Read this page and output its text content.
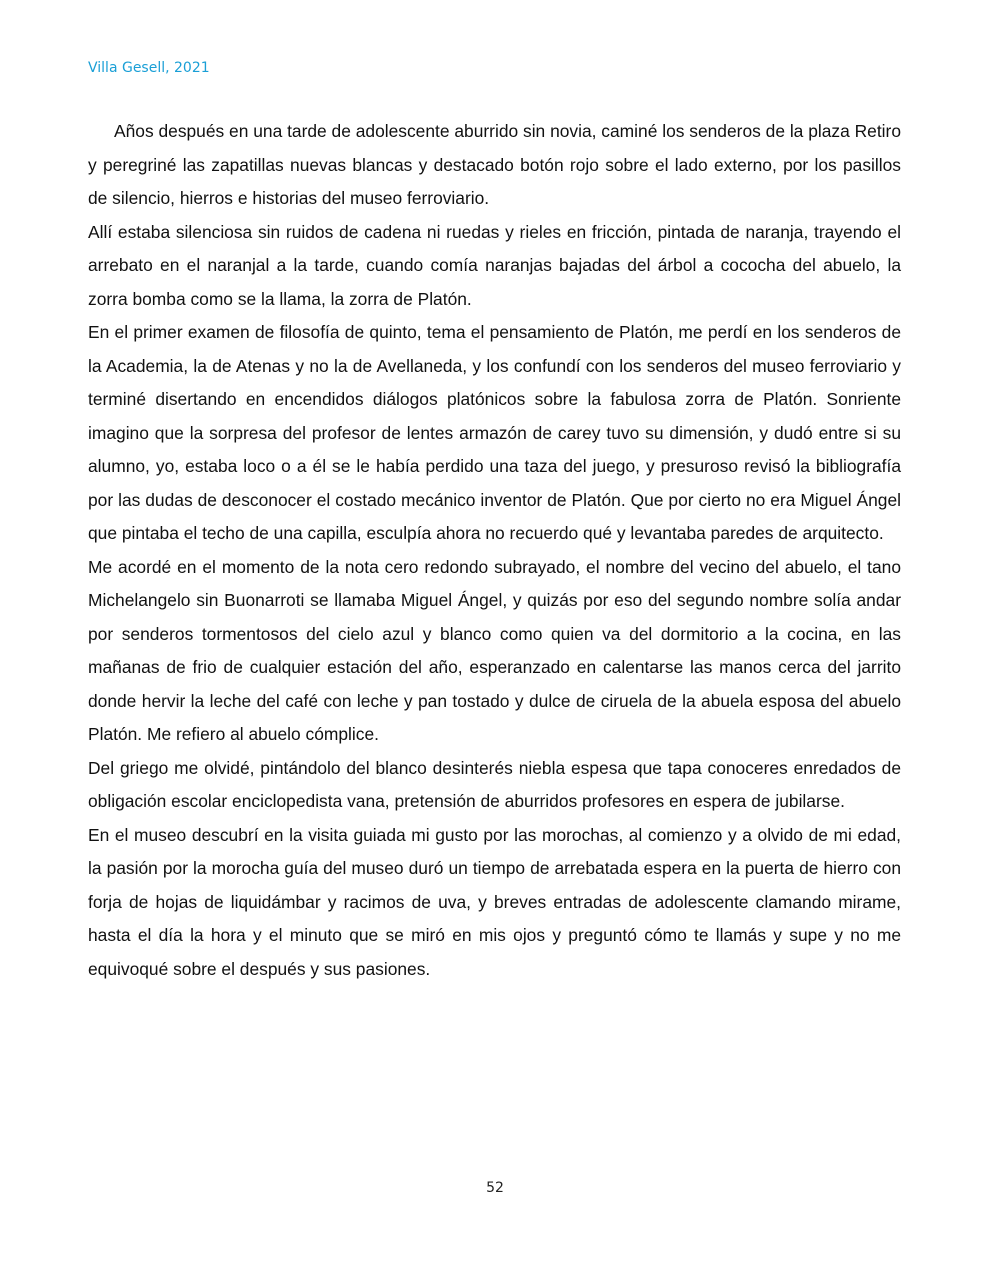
Villa Gesell, 2021

Años después en una tarde de adolescente aburrido sin novia, caminé los senderos de la plaza Retiro y peregriné las zapatillas nuevas blancas y destacado botón rojo sobre el lado externo, por los pasillos de silencio, hierros e historias del museo ferroviario.

Allí estaba silenciosa sin ruidos de cadena ni ruedas y rieles en fricción, pintada de naranja, trayendo el arrebato en el naranjal a la tarde, cuando comía naranjas bajadas del árbol a cococha del abuelo, la zorra bomba como se la llama, la zorra de Platón.

En el primer examen de filosofía de quinto, tema el pensamiento de Platón, me perdí en los senderos de la Academia, la de Atenas y no la de Avellaneda, y los confundí con los senderos del museo ferroviario y terminé disertando en encendidos diálogos platónicos sobre la fabulosa zorra de Platón. Sonriente imagino que la sorpresa del profesor de lentes armazón de carey tuvo su dimensión, y dudó entre si su alumno, yo, estaba loco o a él se le había perdido una taza del juego, y presuroso revisó la bibliografía por las dudas de desconocer el costado mecánico inventor de Platón. Que por cierto no era Miguel Ángel que pintaba el techo de una capilla, esculpía ahora no recuerdo qué y levantaba paredes de arquitecto.

Me acordé en el momento de la nota cero redondo subrayado, el nombre del vecino del abuelo, el tano Michelangelo sin Buonarroti se llamaba Miguel Ángel, y quizás por eso del segundo nombre solía andar por senderos tormentosos del cielo azul y blanco como quien va del dormitorio a la cocina, en las mañanas de frio de cualquier estación del año, esperanzado en calentarse las manos cerca del jarrito donde hervir la leche del café con leche y pan tostado y dulce de ciruela de la abuela esposa del abuelo Platón. Me refiero al abuelo cómplice.

Del griego me olvidé, pintándolo del blanco desinterés niebla espesa que tapa conoceres enredados de obligación escolar enciclopedista vana, pretensión de aburridos profesores en espera de jubilarse.

En el museo descubrí en la visita guiada mi gusto por las morochas, al comienzo y a olvido de mi edad, la pasión por la morocha guía del museo duró un tiempo de arrebatada espera en la puerta de hierro con forja de hojas de liquidámbar y racimos de uva, y breves entradas de adolescente clamando mirame, hasta el día la hora y el minuto que se miró en mis ojos y preguntó cómo te llamás y supe y no me equivoqué sobre el después y sus pasiones.

52
